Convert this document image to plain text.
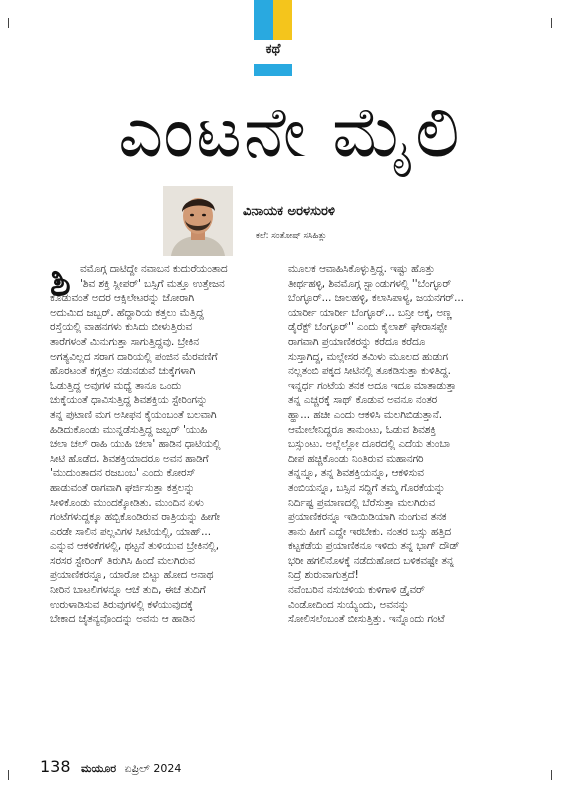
ಕಥೆ
ಎಂಟನೇ ಮೈಲಿ
ವಿನಾಯಕ ಅರಳಸುರಳಿ
ಕಲೆ: ಸಂತೋಷ್ ಸಸಿಹಿತ್ಲು
ಶಿ ವಮೊಗ್ಗ ದಾಟಿದ್ದೇ ನವಾಬನ ಕುದುರೆಯಂತಾದ
'ಶಿವ ಶಕ್ತಿ ಸ್ಲೀಪರ್' ಬಸ್ಸಿಗೆ ಮತ್ತೂ ಉತ್ತೇಜನ
ಕೊಡುವಂತೆ ಅದರ ಆಕ್ಸಿಲೇಟರನ್ನು ಜೋರಾಗಿ
ಅದುಮಿದ ಜಬ್ಬರ್. ಹೆದ್ದಾರಿಯ ಕತ್ತಲು ಮೆತ್ತಿದ್ದ
ರಸ್ತೆಯಲ್ಲಿ ವಾಹನಗಳು ಕುಸಿದು ಬೀಳುತ್ತಿರುವ
ತಾರೆಗಳಂತೆ ಮಿನುಗುತ್ತಾ ಸಾಗುತ್ತಿದ್ದವು. ಬ್ರೇಕಿನ
ಅಗತ್ಯವಿಲ್ಲದ ಸರಾಗ ದಾರಿಯಲ್ಲಿ ಪಂಜಿನ ಮೆರವಣಿಗೆ
ಹೊರಟಂತೆ ಕಗ್ಗತ್ತಲ ನಡುನಡುವೆ ಚುಕ್ಕೆಗಳಾಗಿ
ಓಡುತ್ತಿದ್ದ ಅವುಗಳ ಮಧ್ಯೆ ತಾನೂ ಒಂದು
ಚುಕ್ಕೆಯಂತೆ ಧಾವಿಸುತ್ತಿದ್ದ ಶಿವಶಕ್ತಿಯ ಸ್ಟೇರಿಂಗನ್ನು
ತನ್ನ ಪುಟಾಣಿ ಮಗ ಅಸೀಫನ ಕೈಯಂಬಂತೆ ಬಲವಾಗಿ
ಹಿಡಿದುಕೊಂಡು ಮುನ್ನಡೆಸುತ್ತಿದ್ದ ಜಬ್ಬರ್ 'ಯುಹಿ
ಚಲಾ ಚಲ್ ರಾಹಿ ಯುಹಿ ಚಲಾ' ಹಾಡಿನ ಧಾಟಿಯಲ್ಲಿ
ಸೀಟಿ ಹೊಡೆದ. ಶಿವಶಕ್ತಿಯಾದರೂ ಅವನ ಹಾಡಿಗೆ
'ಮುದುಂತಾದನ ರಜಬಂಬ' ಎಂದು ಕೋರಸ್
ಹಾಡುವಂತೆ ರಾಗವಾಗಿ ಘರ್ಜಿಸುತ್ತಾ ಕತ್ತಲನ್ನು
ಸೀಳಿಕೊಂಡು ಮುಂದಕ್ಕೋಡಿತು. ಮುಂದಿನ ಏಳು
ಗಂಟೆಗಳುದ್ದಕ್ಕೂ ಹಬ್ಬಿಕೊಂಡಿರುವ ರಾತ್ರಿಯನ್ನು ಹೀಗೇ
ಎರಡೇ ಸಾಲಿನ ಪಲ್ಲವಿಗಳ ಸೀಟಿಯಲ್ಲಿ, ಯಾಹ್...
ಎನ್ನುವ ಆಕಳಿಕೆಗಳಲ್ಲಿ, ಥಟ್ಟನೆ ತುಳಿಯುವ ಬ್ರೇಕಿನಲ್ಲಿ,
ಸರಸರ ಸ್ಟೇರಿಂಗ್ ತಿರುಗಿಸಿ ಹಿಂದೆ ಮಲಗಿರುವ
ಪ್ರಯಾಣಿಕರನ್ನೂ, ಯಾರೋ ಬಿಟ್ಟು ಹೋದ ಅನಾಥ
ನೀರಿನ ಬಾಟಲಿಗಳನ್ನೂ ಆಚೆ ತುದಿ, ಈಚೆ ತುದಿಗೆ
ಉರುಳಾಡಿಸುವ ತಿರುವುಗಳಲ್ಲಿ ಕಳೆಯುವುದಕ್ಕೆ
ಬೇಕಾದ ಚೈತನ್ಯವೊಂದನ್ನು ಅವನು ಆ ಹಾಡಿನ
ಮೂಲಕ ಆವಾಹಿಸಿಕೊಳ್ಳುತ್ತಿದ್ದ. ಇಷ್ಟು ಹೊತ್ತು
ತೀರ್ಥಹಳ್ಳಿ, ಶಿವಮೊಗ್ಗ ಸ್ಟ್ಯಾಂಡುಗಳಲ್ಲಿ ''ಬೆಂಗ್ಳೂರ್
ಬೆಂಗ್ಳೂರ್... ಜಾಲಹಳ್ಳಿ, ಕಲಾಸಿಪಾಳ್ಯ, ಜಯನಗರ್...
ಯಾರ್ರೀ ಯಾರ್ರೀ ಬೆಂಗ್ಳೂರ್... ಬನ್ರೀ ಅಕ್ಕ, ಅಣ್ಣ
ಡೈರೆಕ್ಟ್ ಬೆಂಗ್ಳೂರ್'' ಎಂದು ಕೈಲಾಶ್ ಘೇರಾಸಪ್ಪೇ
ರಾಗವಾಗಿ ಪ್ರಯಾಣಿಕರನ್ನು ಕರೆದೂ ಕರೆದೂ
ಸುಸ್ತಾಗಿದ್ದ, ಮಲ್ಲೇಸರ ತಮಿಳು ಮೂಲದ ಹುಡುಗ
ನಲ್ಲತಂಬಿ ಪಕ್ಕದ ಸೀಟಿನಲ್ಲಿ ತೂಕಡಿಸುತ್ತಾ ಕುಳಿತಿದ್ದ.
ಇನ್ನರ್ಧ ಗಂಟೆಯ ತನಕ ಅದೂ ಇದೂ ಮಾತಾಡುತ್ತಾ
ತನ್ನ ಎಚ್ಚರಕ್ಕೆ ಸಾಥ್ ಕೊಡುವ ಅವನೂ ನಂತರ
ಹ್ಹಾ... ಹಚೀ ಎಂದು ಆಕಳಿಸಿ ಮಲಗಿಬಿಡುತ್ತಾನೆ.
ಆಮೇಲೇನಿದ್ದರೂ ತಾನುಂಟು, ಓಡುವ ಶಿವಶಕ್ತಿ
ಬಸ್ಸುಂಟು. ಅಲ್ಲೆಲ್ಲೋ ದೂರದಲ್ಲಿ ಎದೆಯ ತುಂಬಾ
ದೀಪ ಹಚ್ಚಿಕೊಂಡು ನಿಂತಿರುವ ಮಹಾನಗರಿ
ತನ್ನನ್ನೂ, ತನ್ನ ಶಿವಶಕ್ತಿಯನ್ನೂ, ಆಕಳಿಸುವ
ತಂಬಿಯನ್ನೂ, ಬಸ್ಸಿನ ಸದ್ದಿಗೆ ತಮ್ಮ ಗೊರಕೆಯನ್ನು
ನಿರ್ದಿಷ್ಟ ಪ್ರಮಾಣದಲ್ಲಿ ಬೆರೆಸುತ್ತಾ ಮಲಗಿರುವ
ಪ್ರಯಾಣಿಕರನ್ನೂ ಇಡಿಯಿಡಿಯಾಗಿ ನುಂಗುವ ತನಕ
ತಾನು ಹೀಗೆ ಎದ್ದೇ ಇರಬೇಕು. ನಂತರ ಬಸ್ಸು ಹತ್ತಿದ
ಕಟ್ಟಕಡೆಯ ಪ್ರಯಾಣಿಕನೂ ಇಳಿದು ತನ್ನ ಭಾಗ್ ದೌಡ್
ಭರೀ ಹಗಲಿನೊಳಕ್ಕೆ ನಡೆದುಹೋದ ಬಳಿಕವಷ್ಟೇ ತನ್ನ
ನಿದ್ರೆ ಶುರುವಾಗುತ್ತದೆ!
ನವೆಂಬರಿನ ನಸುಚಳಿಯ ಕುಳಿಗಾಳಿ ಡ್ರೈವರ್
ವಿಂಡೋದಿಂದ ಸುಯ್ಯೆಂದು, ಅವನನ್ನು
ಸೋಲಿಸಲೆಂಬಂತೆ ಬೀಸುತ್ತಿತ್ತು. ಇನ್ನೊಂದು ಗಂಟೆ
138 ಮಯೂರ ಏಪ್ರಿಲ್ 2024
